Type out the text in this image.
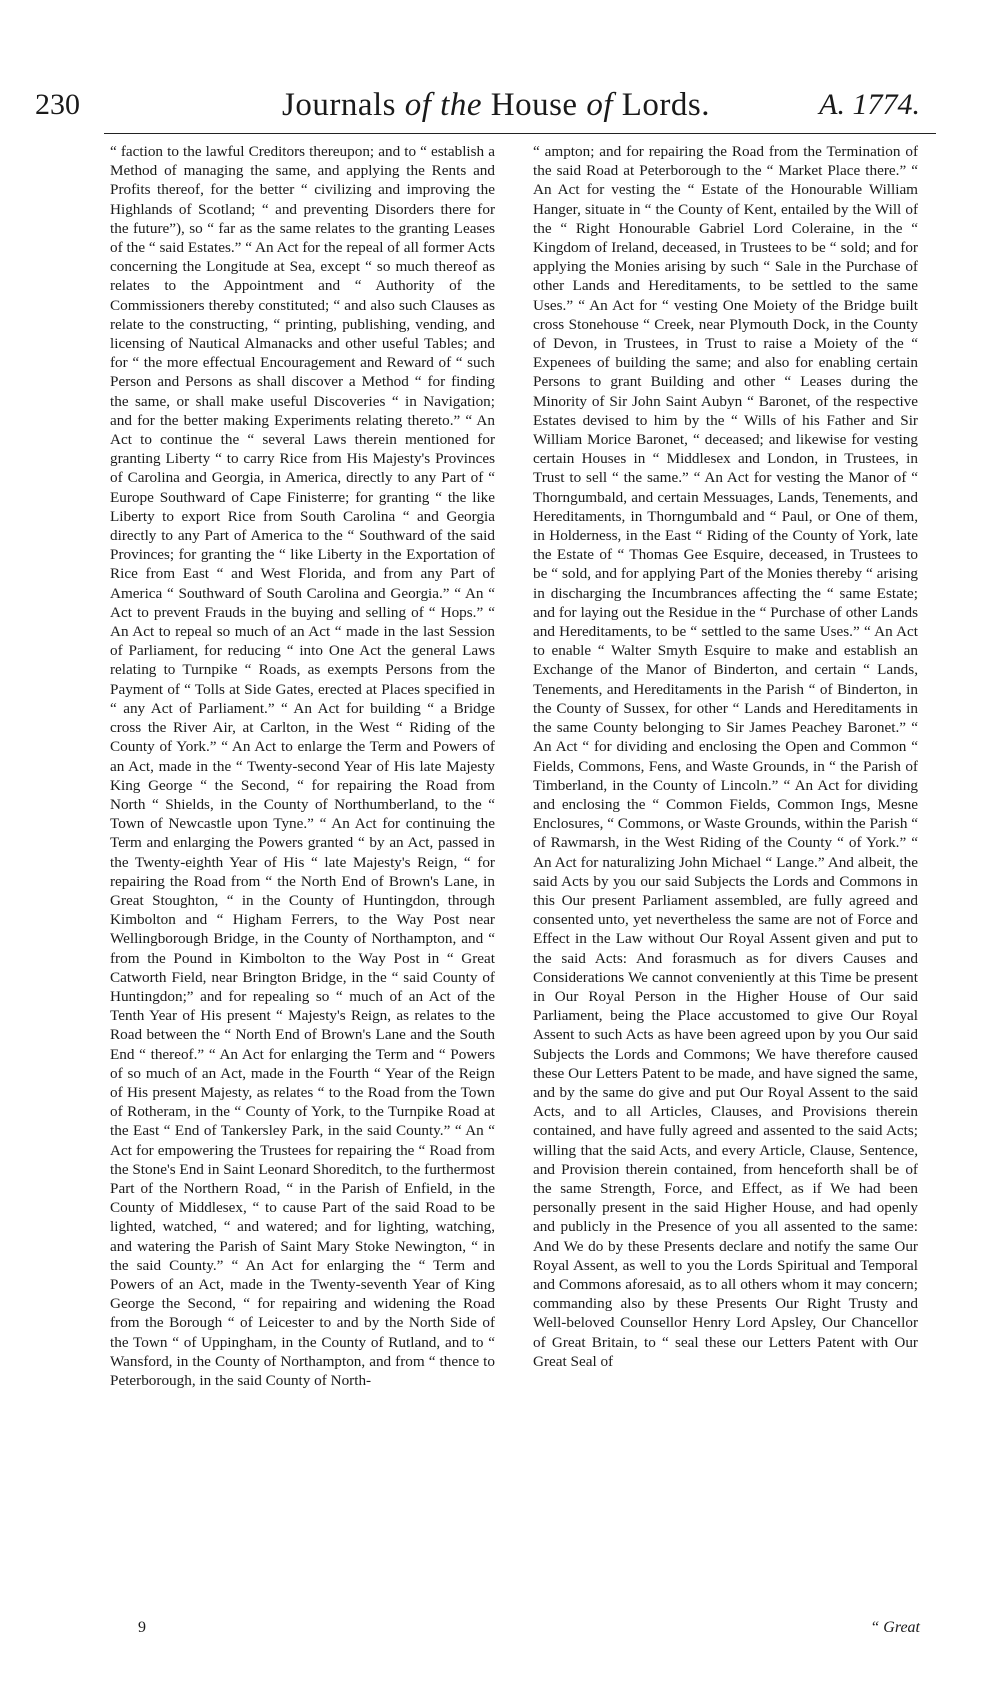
230	Journals of the House of Lords.	A. 1774.

“ faction to the lawful Creditors thereupon; and to “ establish a Method of managing the same, and applying the Rents and Profits thereof, for the better “ civilizing and improving the Highlands of Scotland; “ and preventing Disorders there for the future”), so “ far as the same relates to the granting Leases of the “ said Estates.” “ An Act for the repeal of all former Acts concerning the Longitude at Sea, except “ so much thereof as relates to the Appointment and “ Authority of the Commissioners thereby constituted; “ and also such Clauses as relate to the constructing, “ printing, publishing, vending, and licensing of Nautical Almanacks and other useful Tables; and for “ the more effectual Encouragement and Reward of “ such Person and Persons as shall discover a Method “ for finding the same, or shall make useful Discoveries “ in Navigation; and for the better making Experiments relating thereto.” “ An Act to continue the “ several Laws therein mentioned for granting Liberty “ to carry Rice from His Majesty's Provinces of Carolina and Georgia, in America, directly to any Part of “ Europe Southward of Cape Finisterre; for granting “ the like Liberty to export Rice from South Carolina “ and Georgia directly to any Part of America to the “ Southward of the said Provinces; for granting the “ like Liberty in the Exportation of Rice from East “ and West Florida, and from any Part of America “ Southward of South Carolina and Georgia.” “ An “ Act to prevent Frauds in the buying and selling of “ Hops.” “ An Act to repeal so much of an Act “ made in the last Session of Parliament, for reducing “ into One Act the general Laws relating to Turnpike “ Roads, as exempts Persons from the Payment of “ Tolls at Side Gates, erected at Places specified in “ any Act of Parliament.” “ An Act for building “ a Bridge cross the River Air, at Carlton, in the West “ Riding of the County of York.” “ An Act to enlarge the Term and Powers of an Act, made in the “ Twenty-second Year of His late Majesty King George “ the Second, “ for repairing the Road from North “ Shields, in the County of Northumberland, to the “ Town of Newcastle upon Tyne.” “ An Act for continuing the Term and enlarging the Powers granted “ by an Act, passed in the Twenty-eighth Year of His “ late Majesty's Reign, “ for repairing the Road from “ the North End of Brown's Lane, in Great Stoughton, “ in the County of Huntingdon, through Kimbolton and “ Higham Ferrers, to the Way Post near Wellingborough Bridge, in the County of Northampton, and “ from the Pound in Kimbolton to the Way Post in “ Great Catworth Field, near Brington Bridge, in the “ said County of Huntingdon;” and for repealing so “ much of an Act of the Tenth Year of His present “ Majesty's Reign, as relates to the Road between the “ North End of Brown's Lane and the South End “ thereof.” “ An Act for enlarging the Term and “ Powers of so much of an Act, made in the Fourth “ Year of the Reign of His present Majesty, as relates “ to the Road from the Town of Rotheram, in the “ County of York, to the Turnpike Road at the East “ End of Tankersley Park, in the said County.” “ An “ Act for empowering the Trustees for repairing the “ Road from the Stone's End in Saint Leonard Shoreditch, to the furthermost Part of the Northern Road, “ in the Parish of Enfield, in the County of Middlesex, “ to cause Part of the said Road to be lighted, watched, “ and watered; and for lighting, watching, and watering the Parish of Saint Mary Stoke Newington, “ in the said County.” “ An Act for enlarging the “ Term and Powers of an Act, made in the Twenty-seventh Year of King George the Second, “ for repairing and widening the Road from the Borough “ of Leicester to and by the North Side of the Town “ of Uppingham, in the County of Rutland, and to “ Wansford, in the County of Northampton, and from “ thence to Peterborough, in the said County of North-

“ ampton; and for repairing the Road from the Termination of the said Road at Peterborough to the “ Market Place there.” “ An Act for vesting the “ Estate of the Honourable William Hanger, situate in “ the County of Kent, entailed by the Will of the “ Right Honourable Gabriel Lord Coleraine, in the “ Kingdom of Ireland, deceased, in Trustees to be “ sold; and for applying the Monies arising by such “ Sale in the Purchase of other Lands and Hereditaments, to be settled to the same Uses.” “ An Act for “ vesting One Moiety of the Bridge built cross Stonehouse “ Creek, near Plymouth Dock, in the County of Devon, in Trustees, in Trust to raise a Moiety of the “ Expenees of building the same; and also for enabling certain Persons to grant Building and other “ Leases during the Minority of Sir John Saint Aubyn “ Baronet, of the respective Estates devised to him by the “ Wills of his Father and Sir William Morice Baronet, “ deceased; and likewise for vesting certain Houses in “ Middlesex and London, in Trustees, in Trust to sell “ the same.” “ An Act for vesting the Manor of “ Thorngumbald, and certain Messuages, Lands, Tenements, and Hereditaments, in Thorngumbald and “ Paul, or One of them, in Holderness, in the East “ Riding of the County of York, late the Estate of “ Thomas Gee Esquire, deceased, in Trustees to be “ sold, and for applying Part of the Monies thereby “ arising in discharging the Incumbrances affecting the “ same Estate; and for laying out the Residue in the “ Purchase of other Lands and Hereditaments, to be “ settled to the same Uses.” “ An Act to enable “ Walter Smyth Esquire to make and establish an Exchange of the Manor of Binderton, and certain “ Lands, Tenements, and Hereditaments in the Parish “ of Binderton, in the County of Sussex, for other “ Lands and Hereditaments in the same County belonging to Sir James Peachey Baronet.” “ An Act “ for dividing and enclosing the Open and Common “ Fields, Commons, Fens, and Waste Grounds, in “ the Parish of Timberland, in the County of Lincoln.” “ An Act for dividing and enclosing the “ Common Fields, Common Ings, Mesne Enclosures, “ Commons, or Waste Grounds, within the Parish “ of Rawmarsh, in the West Riding of the County “ of York.” “ An Act for naturalizing John Michael “ Lange.” And albeit, the said Acts by you our said Subjects the Lords and Commons in this Our present Parliament assembled, are fully agreed and consented unto, yet nevertheless the same are not of Force and Effect in the Law without Our Royal Assent given and put to the said Acts: And forasmuch as for divers Causes and Considerations We cannot conveniently at this Time be present in Our Royal Person in the Higher House of Our said Parliament, being the Place accustomed to give Our Royal Assent to such Acts as have been agreed upon by you Our said Subjects the Lords and Commons; We have therefore caused these Our Letters Patent to be made, and have signed the same, and by the same do give and put Our Royal Assent to the said Acts, and to all Articles, Clauses, and Provisions therein contained, and have fully agreed and assented to the said Acts; willing that the said Acts, and every Article, Clause, Sentence, and Provision therein contained, from henceforth shall be of the same Strength, Force, and Effect, as if We had been personally present in the said Higher House, and had openly and publicly in the Presence of you all assented to the same: And We do by these Presents declare and notify the same Our Royal Assent, as well to you the Lords Spiritual and Temporal and Commons aforesaid, as to all others whom it may concern; commanding also by these Presents Our Right Trusty and Well-beloved Counsellor Henry Lord Apsley, Our Chancellor of Great Britain, to “ seal these our Letters Patent with Our Great Seal of

9	“ Great
